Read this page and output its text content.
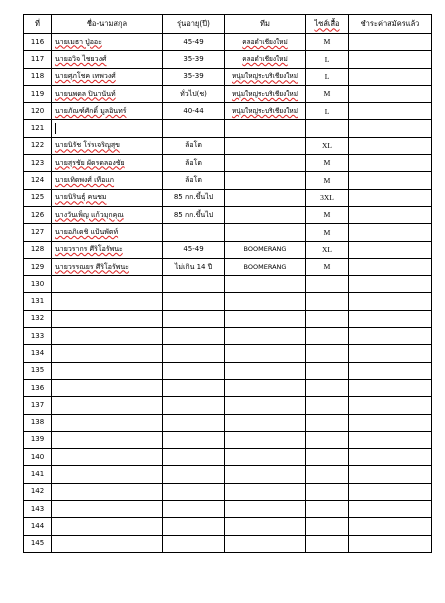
ที่	ชื่อ-นามสกุล	รุ่นอายุ(ปี)	ทีม	ไซส์เสื้อ	ชำระค่าสมัครแล้ว
116	นายเมธา ปู่ออะ	45-49	คลอดำเชียงใหม่	M	
117	นายอวิจ ไชยวงศ์	35-39	คลอดำเชียงใหม่	L	
118	นายศุภโชค เทพวงศ์	35-39	หนุ่มใหญ่ระบริเชียงใหม่	L	
119	นายนพดล ปินานันท์	ทั่วไป(ช)	หนุ่มใหญ่ระบริเชียงใหม่	M	
120	นายภัณฑ์ศักดิ์ มูลอินทร์	40-44	หนุ่มใหญ่ระบริเชียงใหม่	L	
121					
122	นายนิรัช โร่รเจริญสุข	ล้อโต		XL	
123	นายสุรชัย ผัดรดลองชัย	ล้อโต		M	
124	นายเทิดพงศ์ เทือแก	ล้อโต		M	
125	นายนิรินธุ์ คนชม	85 กก.ขึ้นไป		3XL	
126	นางวันเพ็ญ แก้วมุกคุณ	85 กก.ขึ้นไป		M	
127	นายอภิเดชิ แป้นพัตท์			M	
128	นายวรากร ศีริโอรัพนะ	45-49	BOOMERANG	XL	
129	นายวรรณยร ศีริโอรัพนะ	ไม่เกิน 14 ปี	BOOMERANG	M	
130					
131					
132					
133					
134					
135					
136					
137					
138					
139					
140					
141					
142					
143					
144					
145					
